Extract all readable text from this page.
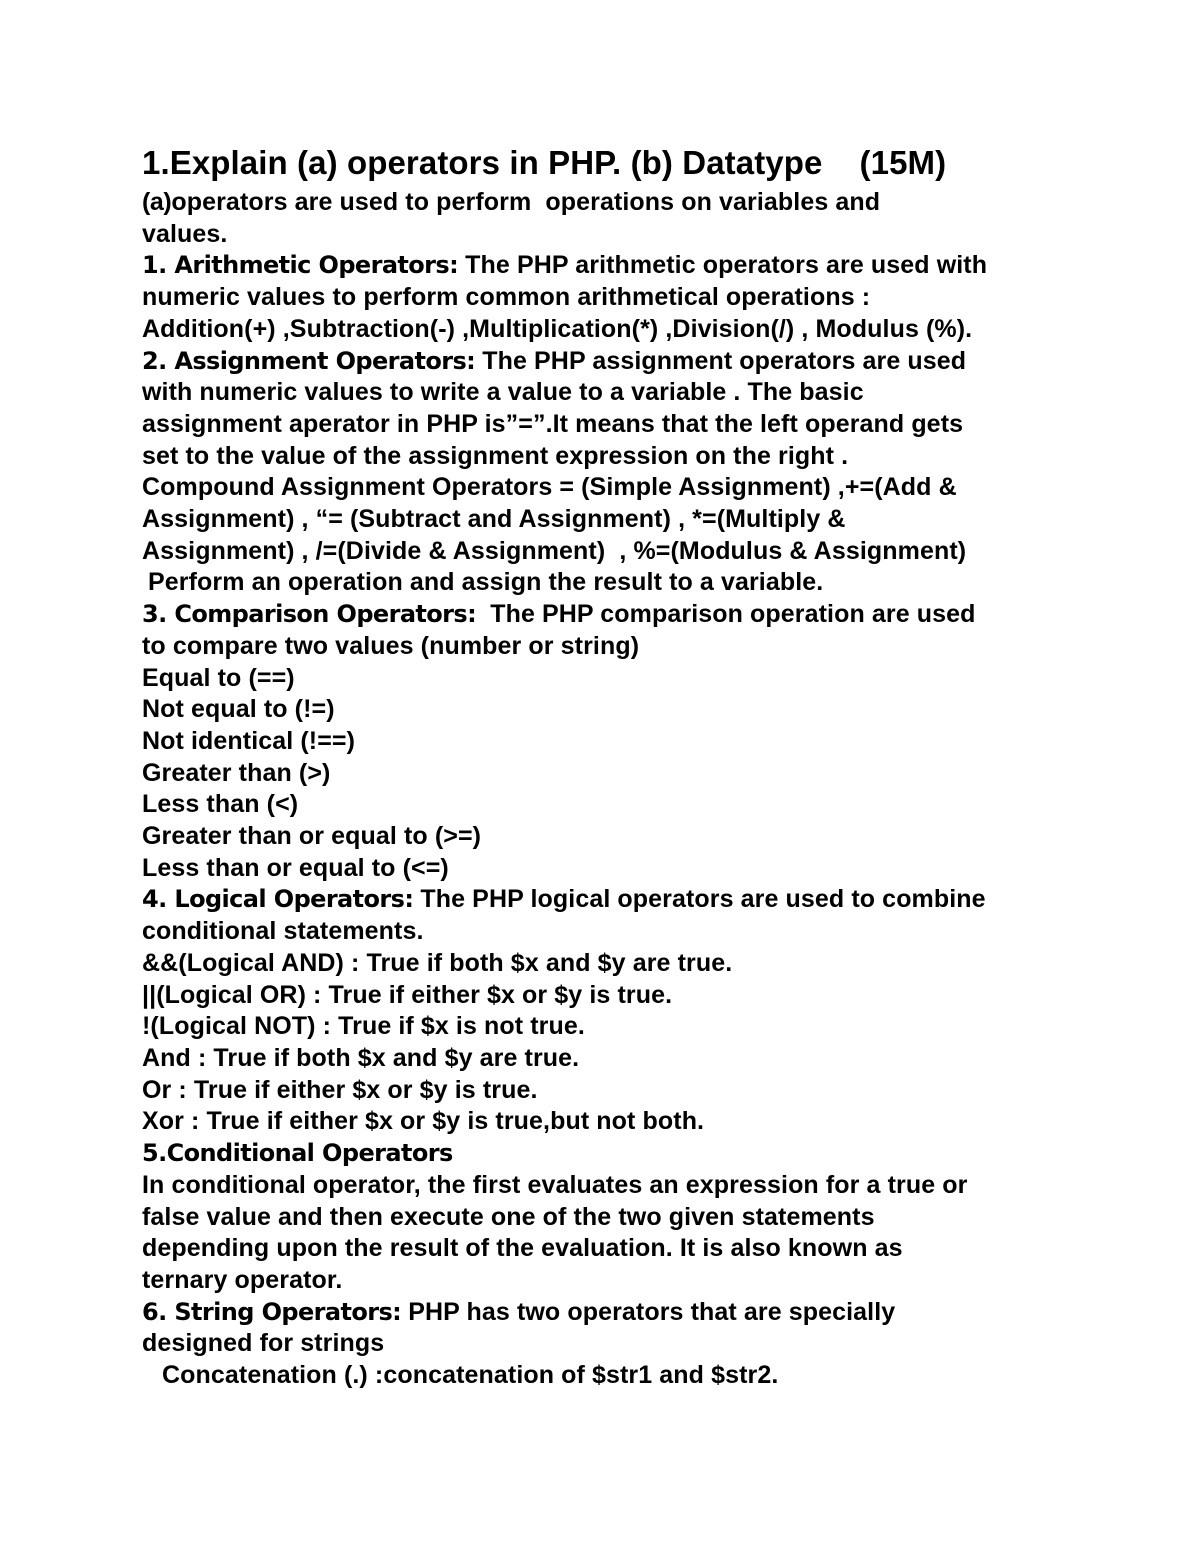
1.Explain (a) operators in PHP. (b) Datatype    (15M)
(a)operators are used to perform  operations on variables and
values.
1. Arithmetic Operators: The PHP arithmetic operators are used with
numeric values to perform common arithmetical operations :
Addition(+) ,Subtraction(-) ,Multiplication(*) ,Division(/) , Modulus (%).
2. Assignment Operators: The PHP assignment operators are used
with numeric values to write a value to a variable . The basic
assignment aperator in PHP is”=”.It means that the left operand gets
set to the value of the assignment expression on the right .
Compound Assignment Operators = (Simple Assignment) ,+=(Add &
Assignment) , “= (Subtract and Assignment) , *=(Multiply &
Assignment) , /=(Divide & Assignment)  , %=(Modulus & Assignment)
Perform an operation and assign the result to a variable.
3. Comparison Operators:  The PHP comparison operation are used
to compare two values (number or string)
Equal to (==)
Not equal to (!=)
Not identical (!==)
Greater than (>)
Less than (<)
Greater than or equal to (>=)
Less than or equal to (<=)
4. Logical Operators: The PHP logical operators are used to combine
conditional statements.
&&(Logical AND) : True if both $x and $y are true.
||(Logical OR) : True if either $x or $y is true.
!(Logical NOT) : True if $x is not true.
And : True if both $x and $y are true.
Or : True if either $x or $y is true.
Xor : True if either $x or $y is true,but not both.
5.Conditional Operators
In conditional operator, the first evaluates an expression for a true or
false value and then execute one of the two given statements
depending upon the result of the evaluation. It is also known as
ternary operator.
6. String Operators: PHP has two operators that are specially
designed for strings
Concatenation (.) :concatenation of $str1 and $str2.
